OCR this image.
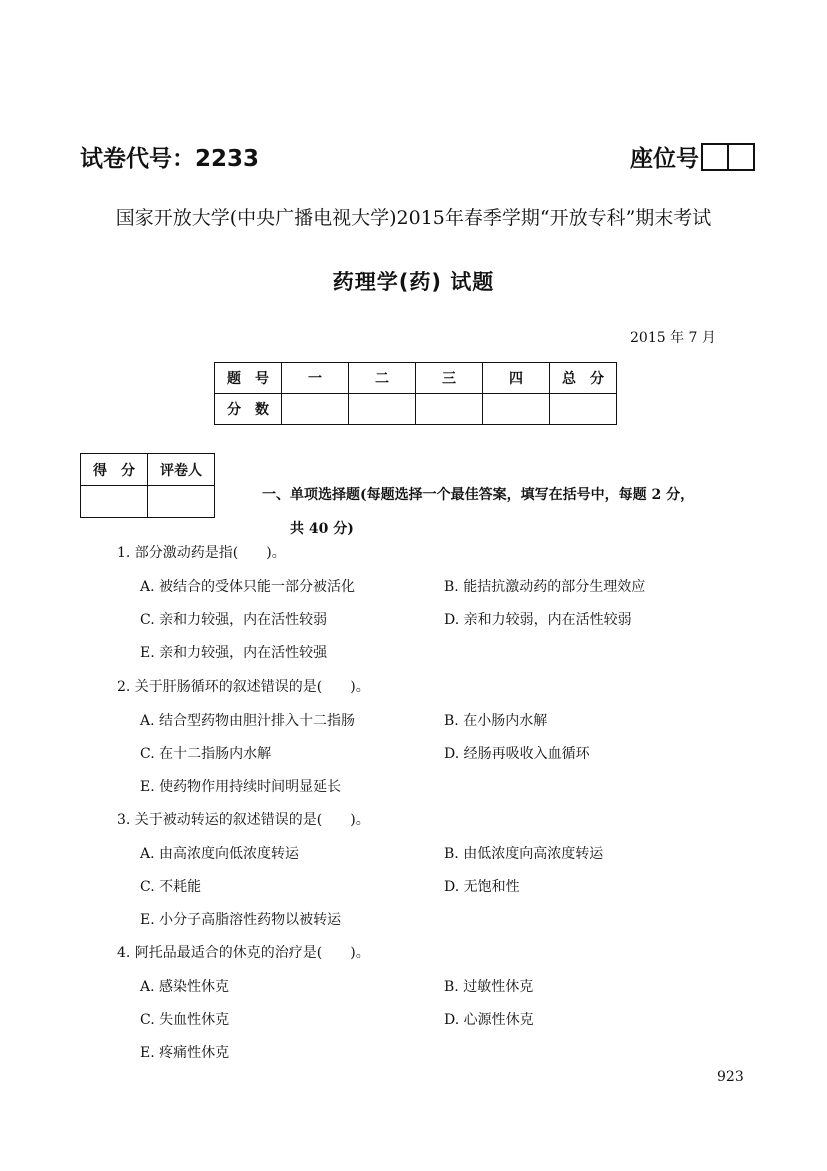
试卷代号：2233	座位号
国家开放大学(中央广播电视大学)2015年春季学期“开放专科”期末考试
药理学(药) 试题
2015 年 7 月
题　号	一	二	三	四	总　分
分　数					
得　分	评卷人

一、单项选择题(每题选择一个最佳答案，填写在括号中，每题 2 分，
共 40 分)
1. 部分激动药是指(　　)。
A. 被结合的受体只能一部分被活化	B. 能拮抗激动药的部分生理效应
C. 亲和力较强，内在活性较弱	D. 亲和力较弱，内在活性较弱
E. 亲和力较强，内在活性较强
2. 关于肝肠循环的叙述错误的是(　　)。
A. 结合型药物由胆汁排入十二指肠	B. 在小肠内水解
C. 在十二指肠内水解	D. 经肠再吸收入血循环
E. 使药物作用持续时间明显延长
3. 关于被动转运的叙述错误的是(　　)。
A. 由高浓度向低浓度转运	B. 由低浓度向高浓度转运
C. 不耗能	D. 无饱和性
E. 小分子高脂溶性药物以被转运
4. 阿托品最适合的休克的治疗是(　　)。
A. 感染性休克	B. 过敏性休克
C. 失血性休克	D. 心源性休克
E. 疼痛性休克
923
